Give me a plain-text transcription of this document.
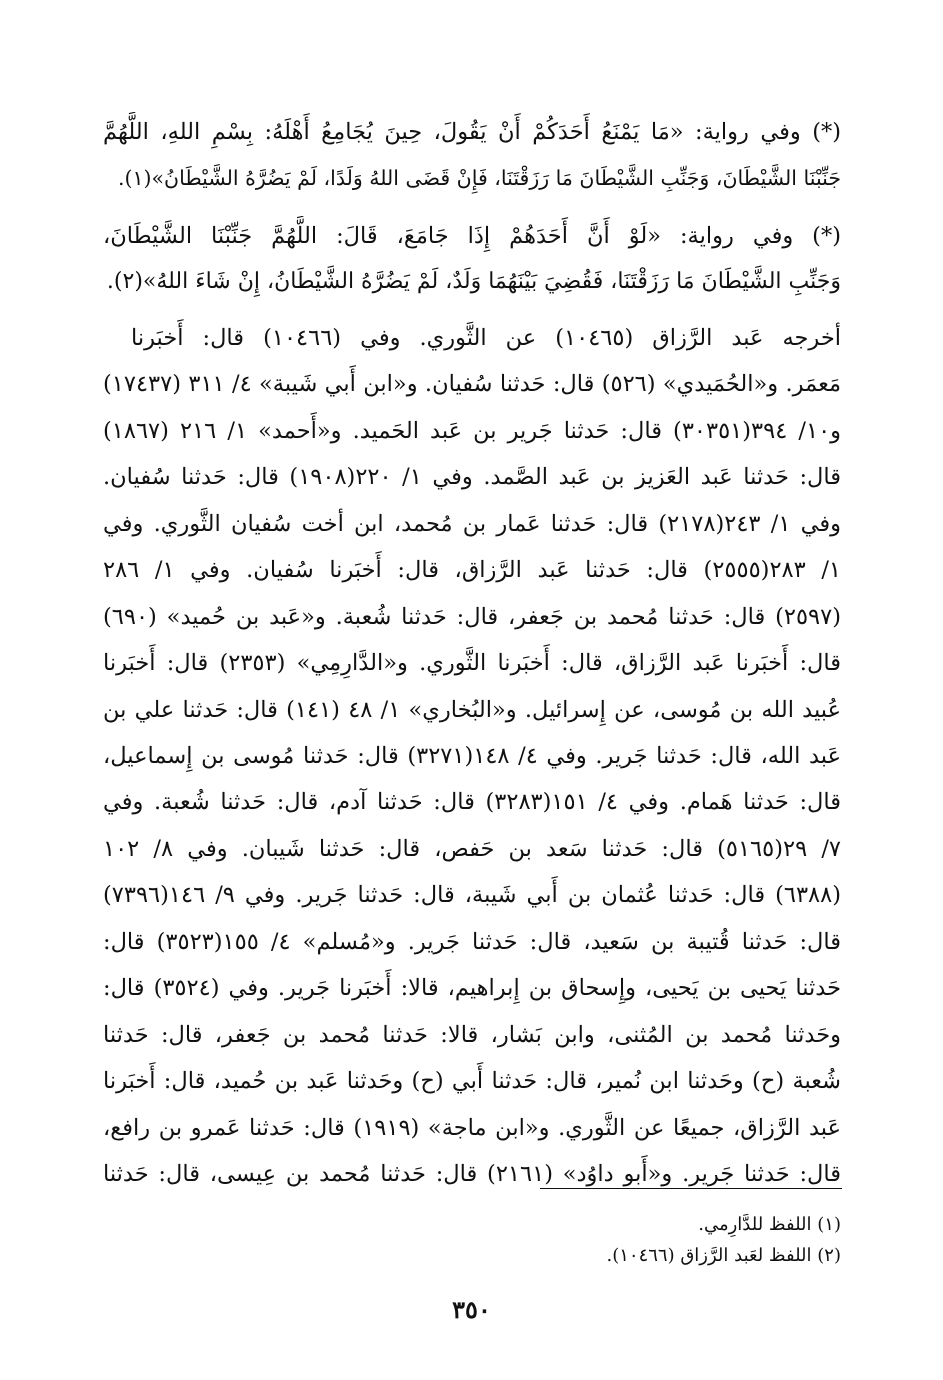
(*) وفي رواية: «مَا يَمْنَعُ أَحَدَكُمْ أَنْ يَقُولَ، حِينَ يُجَامِعُ أَهْلَهُ: بِسْمِ اللهِ، اللَّهُمَّ
جَنِّبْنَا الشَّيْطَانَ، وَجَنِّبِ الشَّيْطَانَ مَا رَزَقْتَنَا، فَإِنْ قَضَى اللهُ وَلَدًا، لَمْ يَضُرَّهُ الشَّيْطَانُ»(١).
(*) وفي رواية: «لَوْ أَنَّ أَحَدَهُمْ إِذَا جَامَعَ، قَالَ: اللَّهُمَّ جَنِّبْنَا الشَّيْطَانَ،
وَجَنِّبِ الشَّيْطَانَ مَا رَزَقْتَنَا، فَقُضِيَ بَيْنَهُمَا وَلَدٌ، لَمْ يَضُرَّهُ الشَّيْطَانُ، إِنْ شَاءَ اللهُ»(٢).
أخرجه عَبد الرَّزاق (١٠٤٦٥) عن الثَّوري. وفي (١٠٤٦٦) قال: أَخبَرنا
مَعمَر. و«الحُمَيدي» (٥٢٦) قال: حَدثنا سُفيان. و«ابن أَبي شَيبة» ٤/ ٣١١ (١٧٤٣٧)
و١٠/ ٣٩٤(٣٠٣٥١) قال: حَدثنا جَرير بن عَبد الحَميد. و«أَحمد» ١/ ٢١٦ (١٨٦٧)
قال: حَدثنا عَبد العَزيز بن عَبد الصَّمد. وفي ١/ ٢٢٠(١٩٠٨) قال: حَدثنا سُفيان.
وفي ١/ ٢٤٣(٢١٧٨) قال: حَدثنا عَمار بن مُحمد، ابن أخت سُفيان الثَّوري. وفي
١/ ٢٨٣(٢٥٥٥) قال: حَدثنا عَبد الرَّزاق، قال: أَخبَرنا سُفيان. وفي ١/ ٢٨٦
(٢٥٩٧) قال: حَدثنا مُحمد بن جَعفر، قال: حَدثنا شُعبة. و«عَبد بن حُميد» (٦٩٠)
قال: أَخبَرنا عَبد الرَّزاق، قال: أَخبَرنا الثَّوري. و«الدَّارِمِي» (٢٣٥٣) قال: أَخبَرنا
عُبيد الله بن مُوسى، عن إِسرائيل. و«البُخاري» ١/ ٤٨ (١٤١) قال: حَدثنا علي بن
عَبد الله، قال: حَدثنا جَرير. وفي ٤/ ١٤٨(٣٢٧١) قال: حَدثنا مُوسى بن إِسماعيل،
قال: حَدثنا هَمام. وفي ٤/ ١٥١(٣٢٨٣) قال: حَدثنا آدم، قال: حَدثنا شُعبة. وفي
٧/ ٢٩(٥١٦٥) قال: حَدثنا سَعد بن حَفص، قال: حَدثنا شَيبان. وفي ٨/ ١٠٢
(٦٣٨٨) قال: حَدثنا عُثمان بن أَبي شَيبة، قال: حَدثنا جَرير. وفي ٩/ ١٤٦(٧٣٩٦)
قال: حَدثنا قُتيبة بن سَعيد، قال: حَدثنا جَرير. و«مُسلم» ٤/ ١٥٥(٣٥٢٣) قال:
حَدثنا يَحيى بن يَحيى، وإِسحاق بن إِبراهيم، قالا: أَخبَرنا جَرير. وفي (٣٥٢٤) قال:
وحَدثنا مُحمد بن المُثنى، وابن بَشار، قالا: حَدثنا مُحمد بن جَعفر، قال: حَدثنا
شُعبة (ح) وحَدثنا ابن نُمير، قال: حَدثنا أَبي (ح) وحَدثنا عَبد بن حُميد، قال: أَخبَرنا
عَبد الرَّزاق، جميعًا عن الثَّوري. و«ابن ماجة» (١٩١٩) قال: حَدثنا عَمرو بن رافع،
قال: حَدثنا جَرير. و«أَبو داوُد» (٢١٦١) قال: حَدثنا مُحمد بن عِيسى، قال: حَدثنا
(١) اللفظ للدَّارِمي.
(٢) اللفظ لعَبد الرَّزاق (١٠٤٦٦).
٣٥٠
